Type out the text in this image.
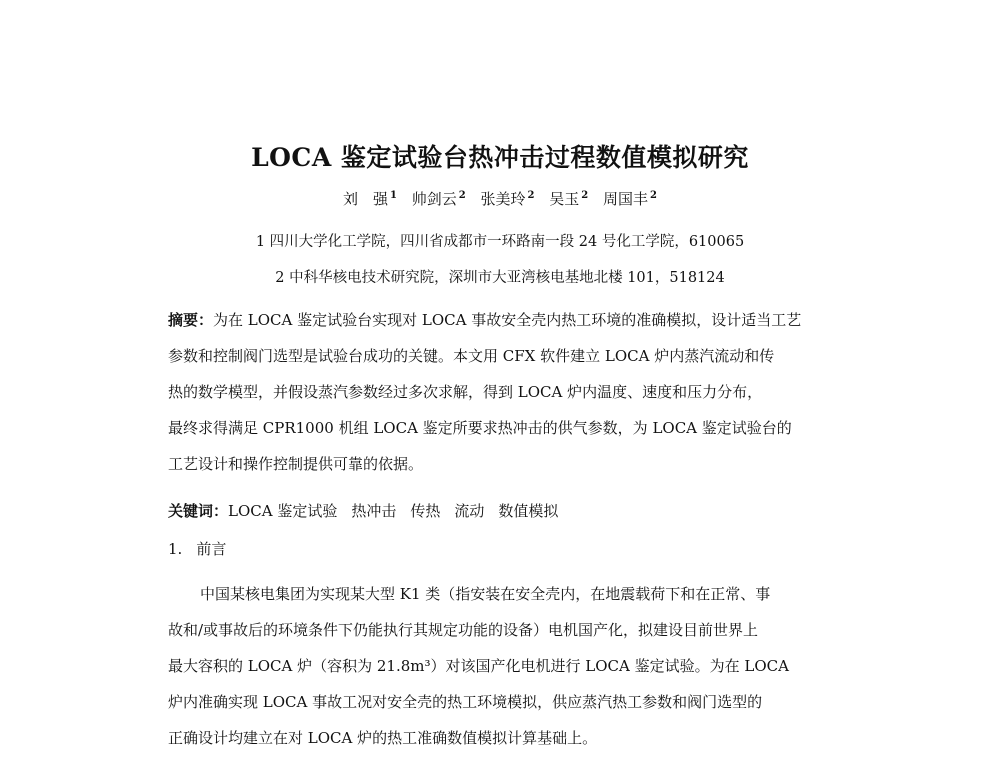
LOCA 鉴定试验台热冲击过程数值模拟研究
刘　强 $^1$ 帅剑云 $^2$ 张美玲 $^2$ 吴玉 $^2$ 周国丰 $^2$
1 四川大学化工学院，四川省成都市一环路南一段 24 号化工学院，610065
2 中科华核电技术研究院，深圳市大亚湾核电基地北楼 101，518124
摘要：为在 LOCA 鉴定试验台实现对 LOCA 事故安全壳内热工环境的准确模拟，设计适当工艺
参数和控制阀门选型是试验台成功的关键。本文用 CFX 软件建立 LOCA 炉内蒸汽流动和传
热的数学模型，并假设蒸汽参数经过多次求解，得到 LOCA 炉内温度、速度和压力分布，
最终求得满足 CPR1000 机组 LOCA 鉴定所要求热冲击的供气参数，为 LOCA 鉴定试验台的
工艺设计和操作控制提供可靠的依据。
关键词：LOCA 鉴定试验 热冲击 传热 流动 数值模拟
1. 前言
中国某核电集团为实现某大型 K1 类（指安装在安全壳内，在地震载荷下和在正常、事
故和/或事故后的环境条件下仍能执行其规定功能的设备）电机国产化，拟建设目前世界上
最大容积的 LOCA 炉（容积为 21.8m³）对该国产化电机进行 LOCA 鉴定试验。为在 LOCA
炉内准确实现 LOCA 事故工况对安全壳的热工环境模拟，供应蒸汽热工参数和阀门选型的
正确设计均建立在对 LOCA 炉的热工准确数值模拟计算基础上。
